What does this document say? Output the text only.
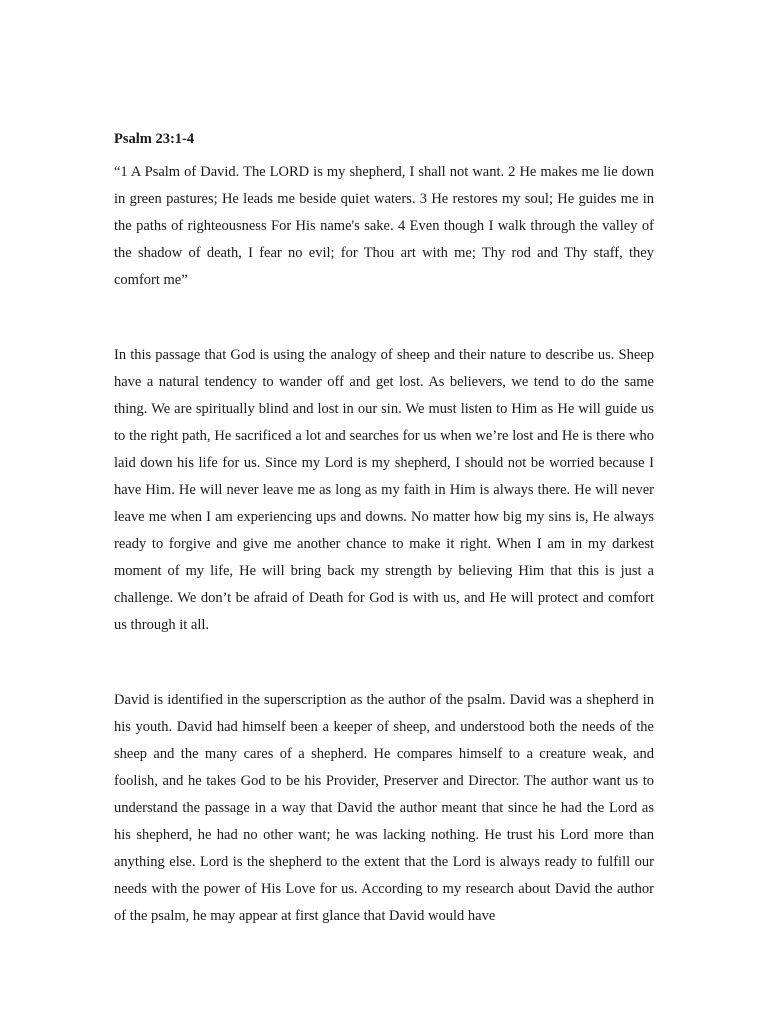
Psalm 23:1-4

“1 A Psalm of David. The LORD is my shepherd, I shall not want. 2 He makes me lie down in green pastures; He leads me beside quiet waters. 3 He restores my soul; He guides me in the paths of righteousness For His name's sake. 4 Even though I walk through the valley of the shadow of death, I fear no evil; for Thou art with me; Thy rod and Thy staff, they comfort me”

In this passage that God is using the analogy of sheep and their nature to describe us. Sheep have a natural tendency to wander off and get lost. As believers, we tend to do the same thing. We are spiritually blind and lost in our sin. We must listen to Him as He will guide us to the right path, He sacrificed a lot and searches for us when we’re lost and He is there who laid down his life for us. Since my Lord is my shepherd, I should not be worried because I have Him. He will never leave me as long as my faith in Him is always there. He will never leave me when I am experiencing ups and downs. No matter how big my sins is, He always ready to forgive and give me another chance to make it right. When I am in my darkest moment of my life, He will bring back my strength by believing Him that this is just a challenge. We don’t be afraid of Death for God is with us, and He will protect and comfort us through it all.

David is identified in the superscription as the author of the psalm. David was a shepherd in his youth. David had himself been a keeper of sheep, and understood both the needs of the sheep and the many cares of a shepherd. He compares himself to a creature weak, and foolish, and he takes God to be his Provider, Preserver and Director. The author want us to understand the passage in a way that David the author meant that since he had the Lord as his shepherd, he had no other want; he was lacking nothing. He trust his Lord more than anything else. Lord is the shepherd to the extent that the Lord is always ready to fulfill our needs with the power of His Love for us. According to my research about David the author of the psalm, he may appear at first glance that David would have
